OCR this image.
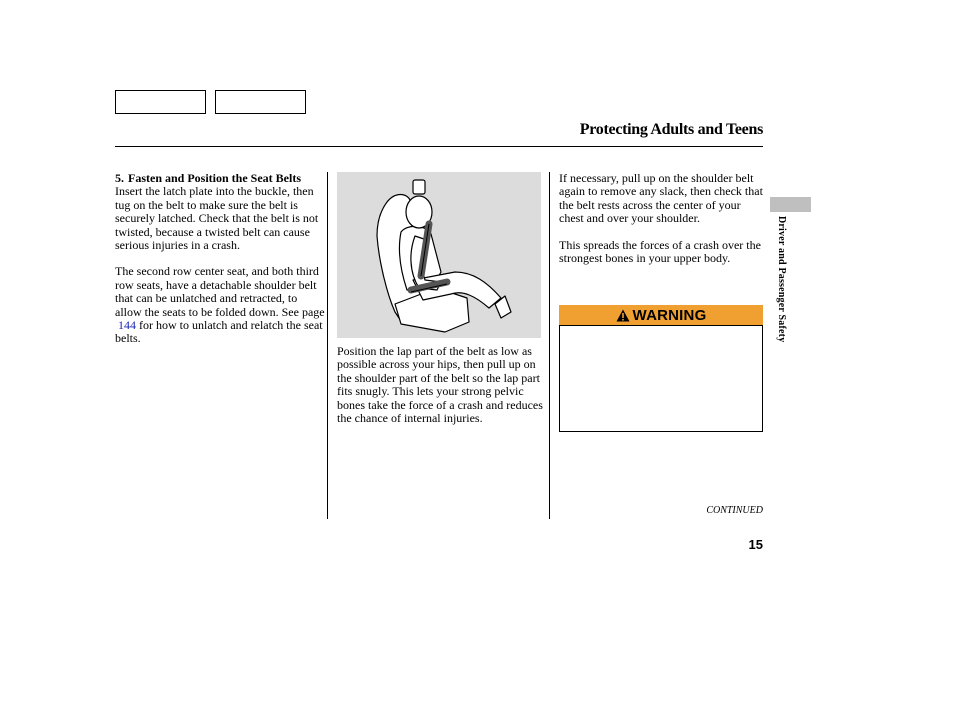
Protecting Adults and Teens
5. Fasten and Position the Seat Belts

Insert the latch plate into the buckle, then tug on the belt to make sure the belt is securely latched. Check that the belt is not twisted, because a twisted belt can cause serious injuries in a crash.

The second row center seat, and both third row seats, have a detachable shoulder belt that can be unlatched and retracted, to allow the seats to be folded down. See page
144 for how to unlatch and relatch the seat belts.

Position the lap part of the belt as low as possible across your hips, then pull up on the shoulder part of the belt so the lap part fits snugly. This lets your strong pelvic bones take the force of a crash and reduces the chance of internal injuries.

If necessary, pull up on the shoulder belt again to remove any slack, then check that the belt rests across the center of your chest and over your shoulder.

This spreads the forces of a crash over the strongest bones in your upper body.

WARNING	Driver and Passenger Safety
CONTINUED
15
